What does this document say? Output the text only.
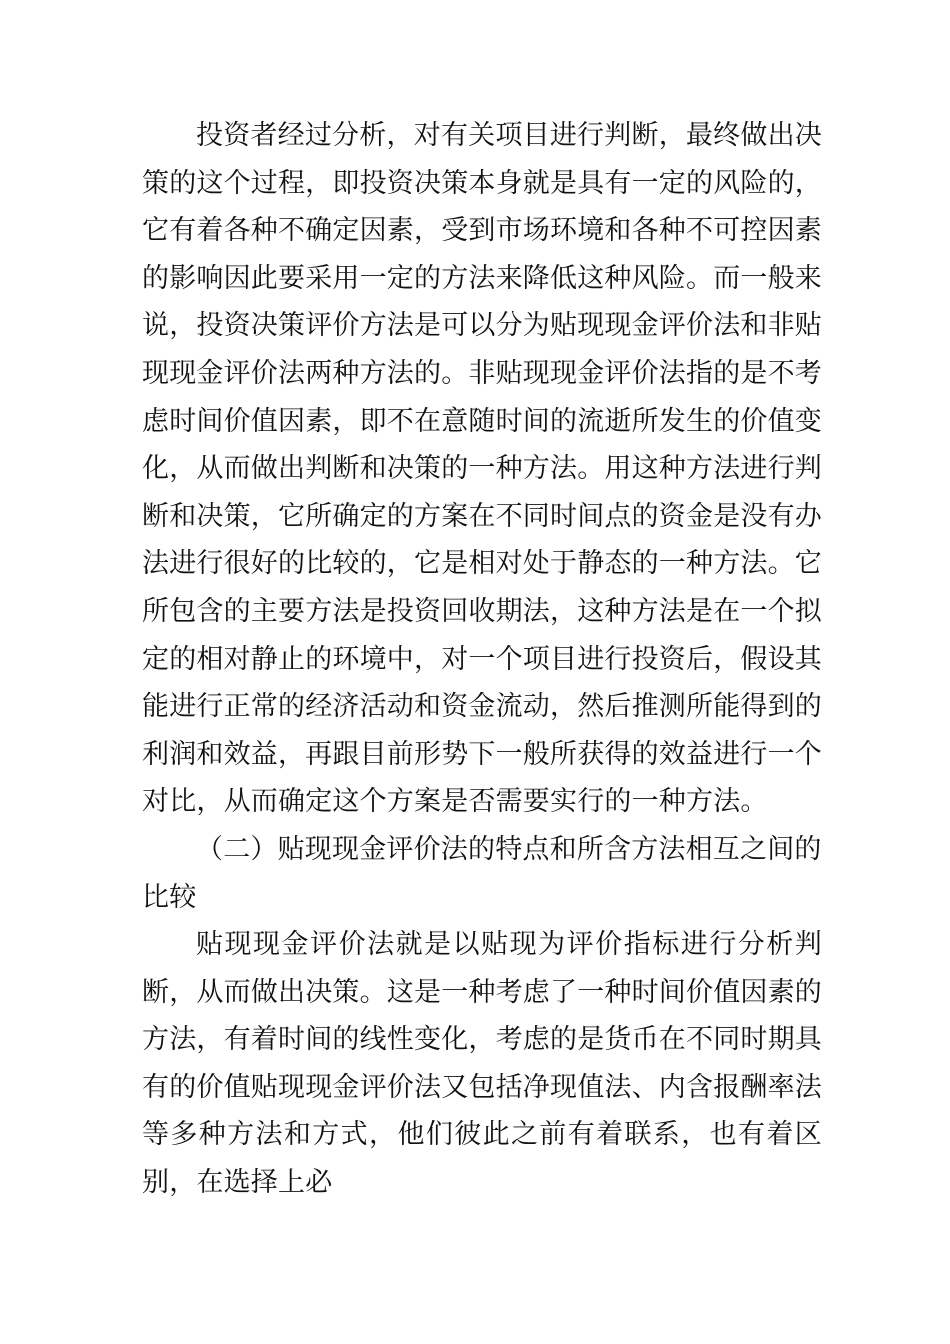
投资者经过分析，对有关项目进行判断，最终做出决策的这个过程，即投资决策本身就是具有一定的风险的，它有着各种不确定因素，受到市场环境和各种不可控因素的影响因此要采用一定的方法来降低这种风险。而一般来说，投资决策评价方法是可以分为贴现现金评价法和非贴现现金评价法两种方法的。非贴现现金评价法指的是不考虑时间价值因素，即不在意随时间的流逝所发生的价值变化，从而做出判断和决策的一种方法。用这种方法进行判断和决策，它所确定的方案在不同时间点的资金是没有办法进行很好的比较的，它是相对处于静态的一种方法。它所包含的主要方法是投资回收期法，这种方法是在一个拟定的相对静止的环境中，对一个项目进行投资后，假设其能进行正常的经济活动和资金流动，然后推测所能得到的利润和效益，再跟目前形势下一般所获得的效益进行一个对比，从而确定这个方案是否需要实行的一种方法。

（二）贴现现金评价法的特点和所含方法相互之间的比较

贴现现金评价法就是以贴现为评价指标进行分析判断，从而做出决策。这是一种考虑了一种时间价值因素的方法，有着时间的线性变化，考虑的是货币在不同时期具有的价值贴现现金评价法又包括净现值法、内含报酬率法等多种方法和方式，他们彼此之前有着联系，也有着区别，在选择上必
